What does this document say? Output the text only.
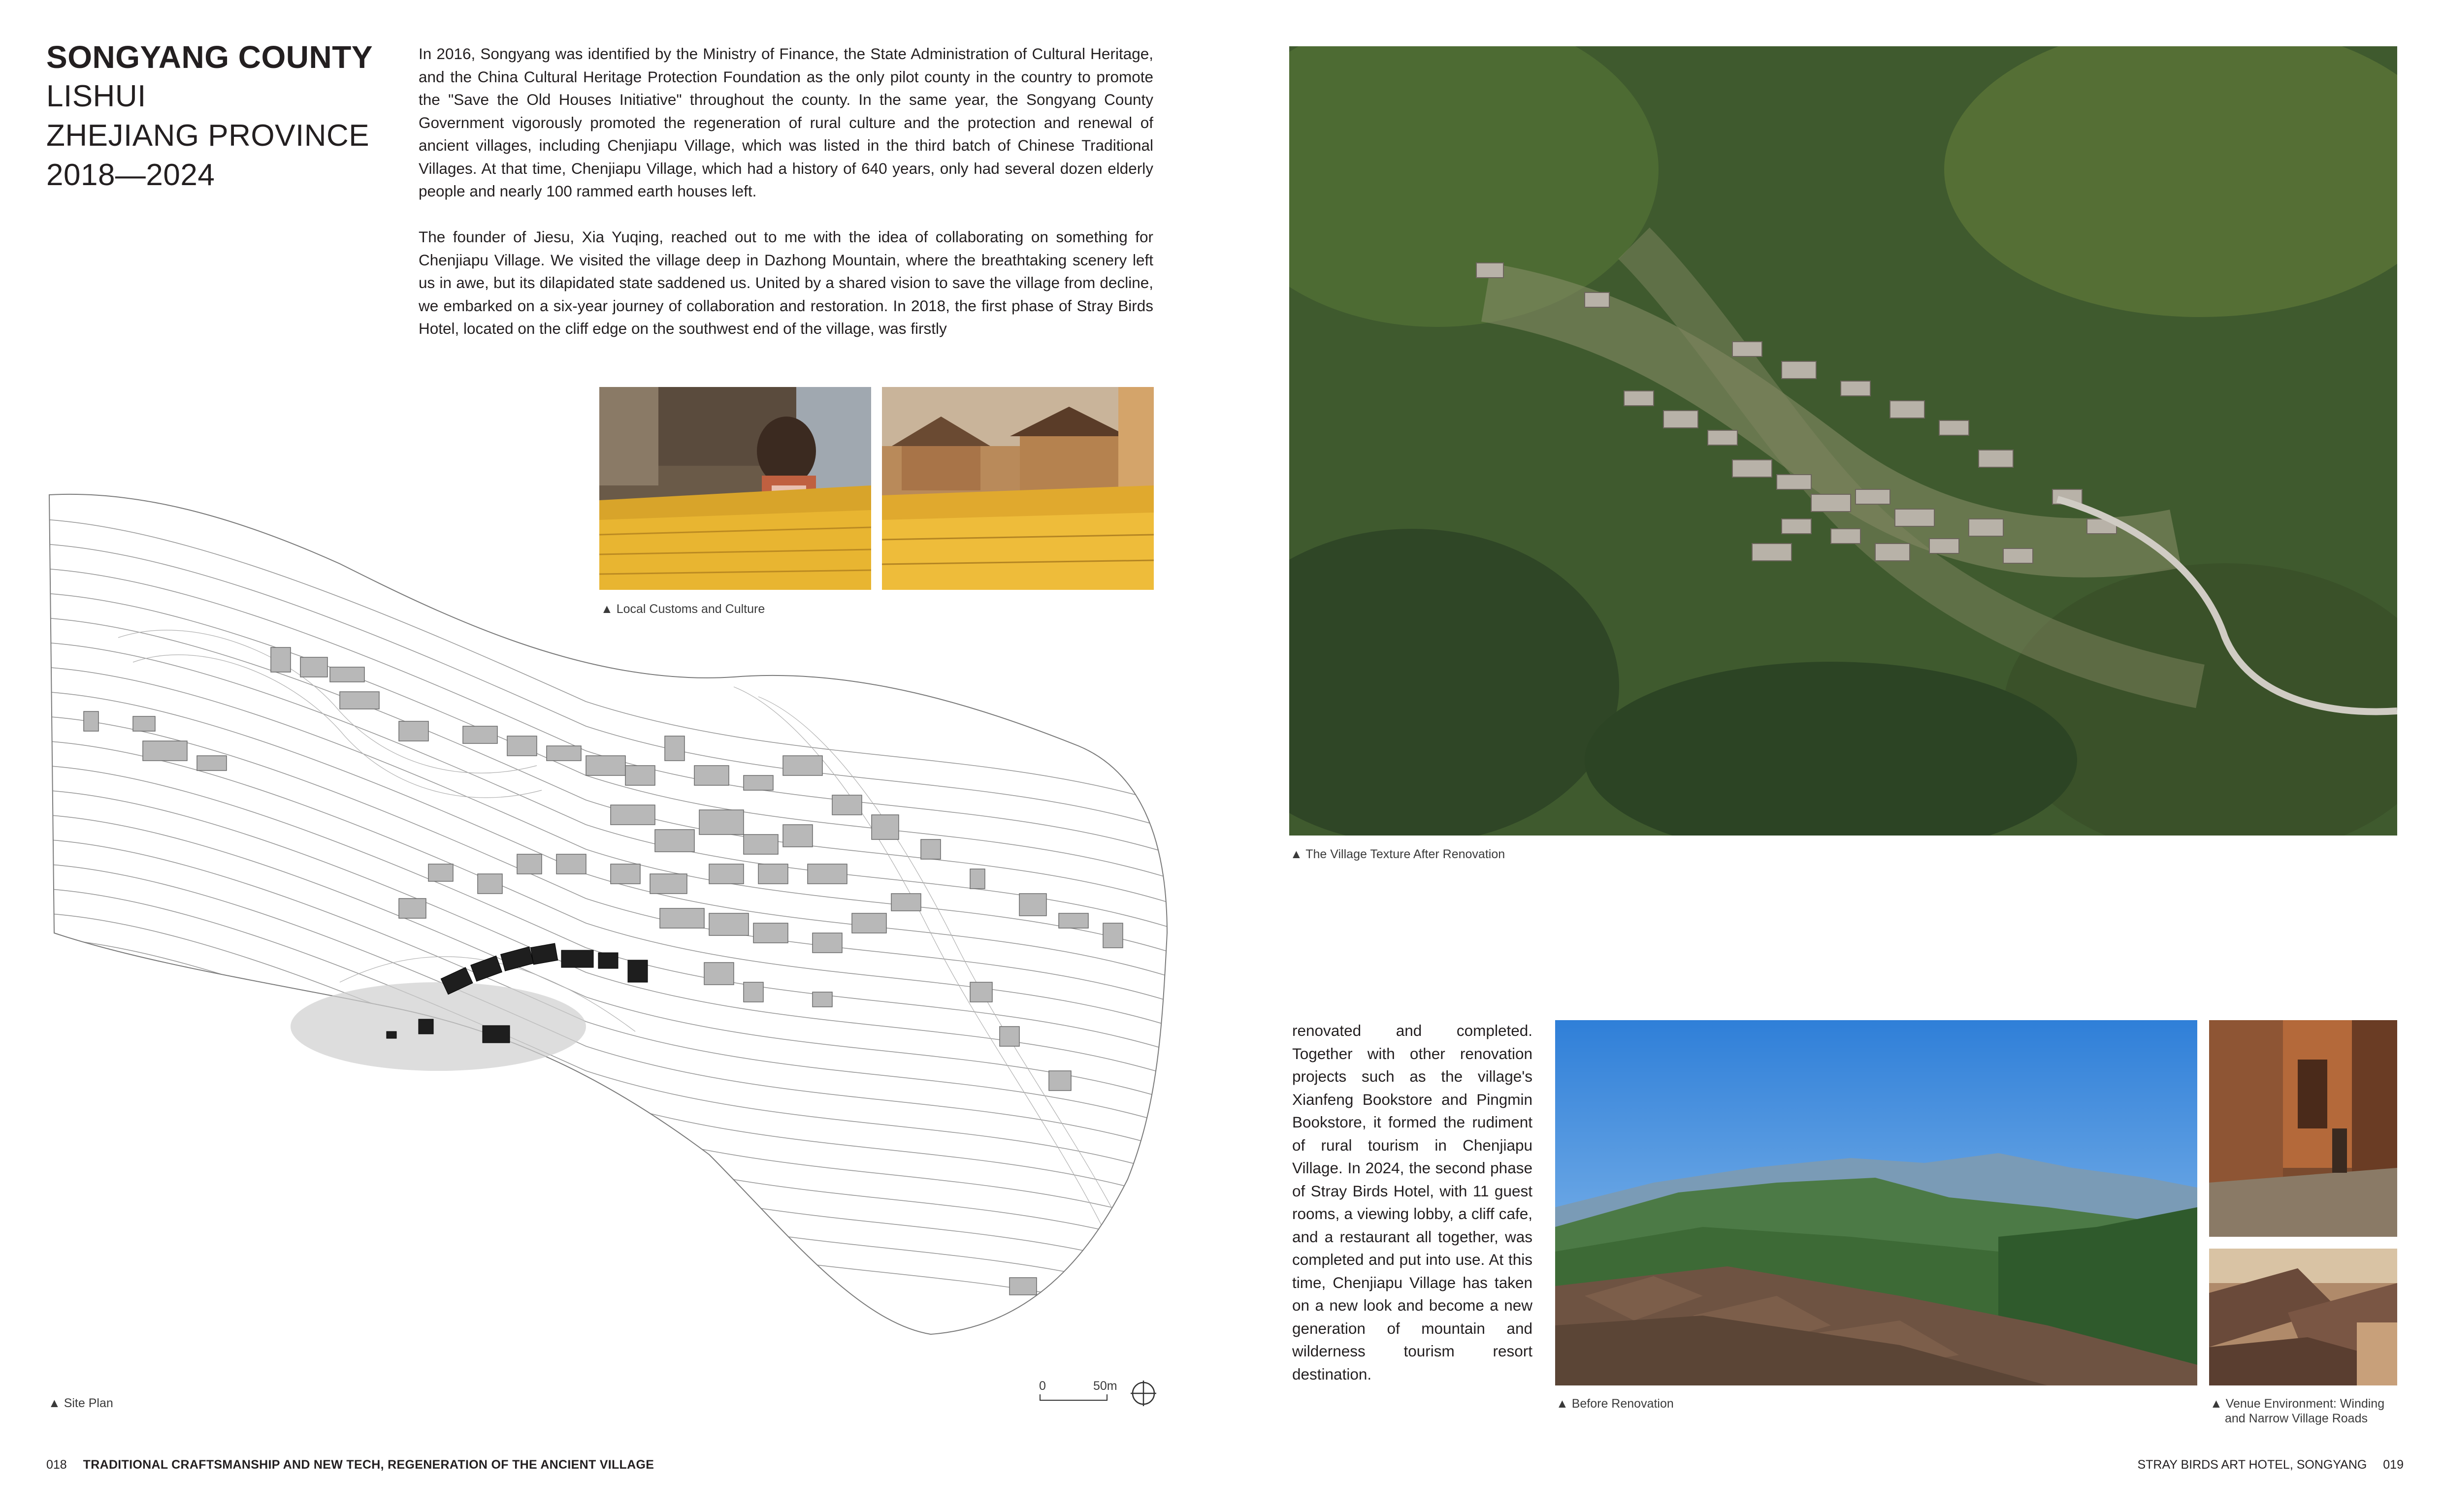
SONGYANG COUNTY
LISHUI
ZHEJIANG PROVINCE
2018—2024

In 2016, Songyang was identified by the Ministry of Finance, the State Administration of Cultural Heritage, and the China Cultural Heritage Protection Foundation as the only pilot county in the country to promote the "Save the Old Houses Initiative" throughout the county. In the same year, the Songyang County Government vigorously promoted the regeneration of rural culture and the protection and renewal of ancient villages, including Chenjiapu Village, which was listed in the third batch of Chinese Traditional Villages. At that time, Chenjiapu Village, which had a history of 640 years, only had several dozen elderly people and nearly 100 rammed earth houses left.

The founder of Jiesu, Xia Yuqing, reached out to me with the idea of collaborating on something for Chenjiapu Village. We visited the village deep in Dazhong Mountain, where the breathtaking scenery left us in awe, but its dilapidated state saddened us. United by a shared vision to save the village from decline, we embarked on a six-year journey of collaboration and restoration. In 2018, the first phase of Stray Birds Hotel, located on the cliff edge on the southwest end of the village, was firstly

▲ Local Customs and Culture
▲ Site Plan
0	50m
▲ The Village Texture After Renovation

renovated and completed. Together with other renovation projects such as the village's Xianfeng Bookstore and Pingmin Bookstore, it formed the rudiment of rural tourism in Chenjiapu Village. In 2024, the second phase of Stray Birds Hotel, with 11 guest rooms, a viewing lobby, a cliff cafe, and a restaurant all together, was completed and put into use. At this time, Chenjiapu Village has taken on a new look and become a new generation of mountain and wilderness tourism resort destination.

▲ Before Renovation	▲ Venue Environment: Winding
and Narrow Village Roads
018 TRADITIONAL CRAFTSMANSHIP AND NEW TECH, REGENERATION OF THE ANCIENT VILLAGE	STRAY BIRDS ART HOTEL, SONGYANG 019
